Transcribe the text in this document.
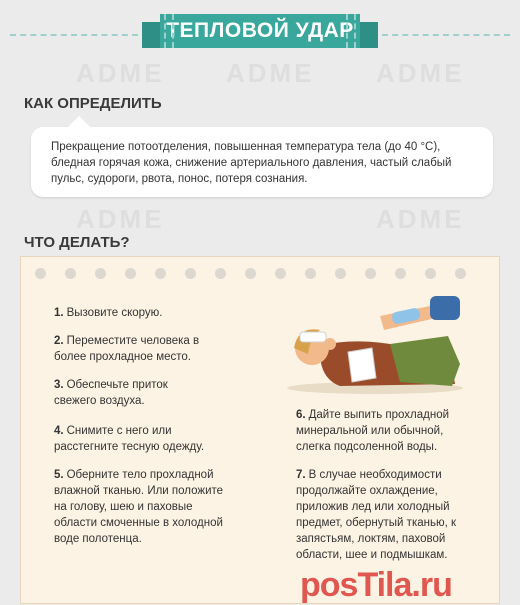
ТЕПЛОВОЙ УДАР
ADME ADME ADME
ADME	ADME
КАК ОПРЕДЕЛИТЬ
Прекращение потоотделения, повышенная температура тела (до 40 °C), бледная горячая кожа, снижение артериального давления, частый слабый пульс, судороги, рвота, понос, потеря сознания.
ЧТО ДЕЛАТЬ?
1. Вызовите скорую.
2. Переместите человека в более прохладное место.
3. Обеспечьте приток свежего воздуха.
4. Снимите с него или расстегните тесную одежду.
5. Оберните тело прохладной влажной тканью. Или положите на голову, шею и паховые области смоченные в холодной воде полотенца.
6. Дайте выпить прохладной минеральной или обычной, слегка подсоленной воды.
7. В случае необходимости продолжайте охлаждение, приложив лед или холодный предмет, обернутый тканью, к запястьям, локтям, паховой области, шее и подмышкам.
posTila.ru
